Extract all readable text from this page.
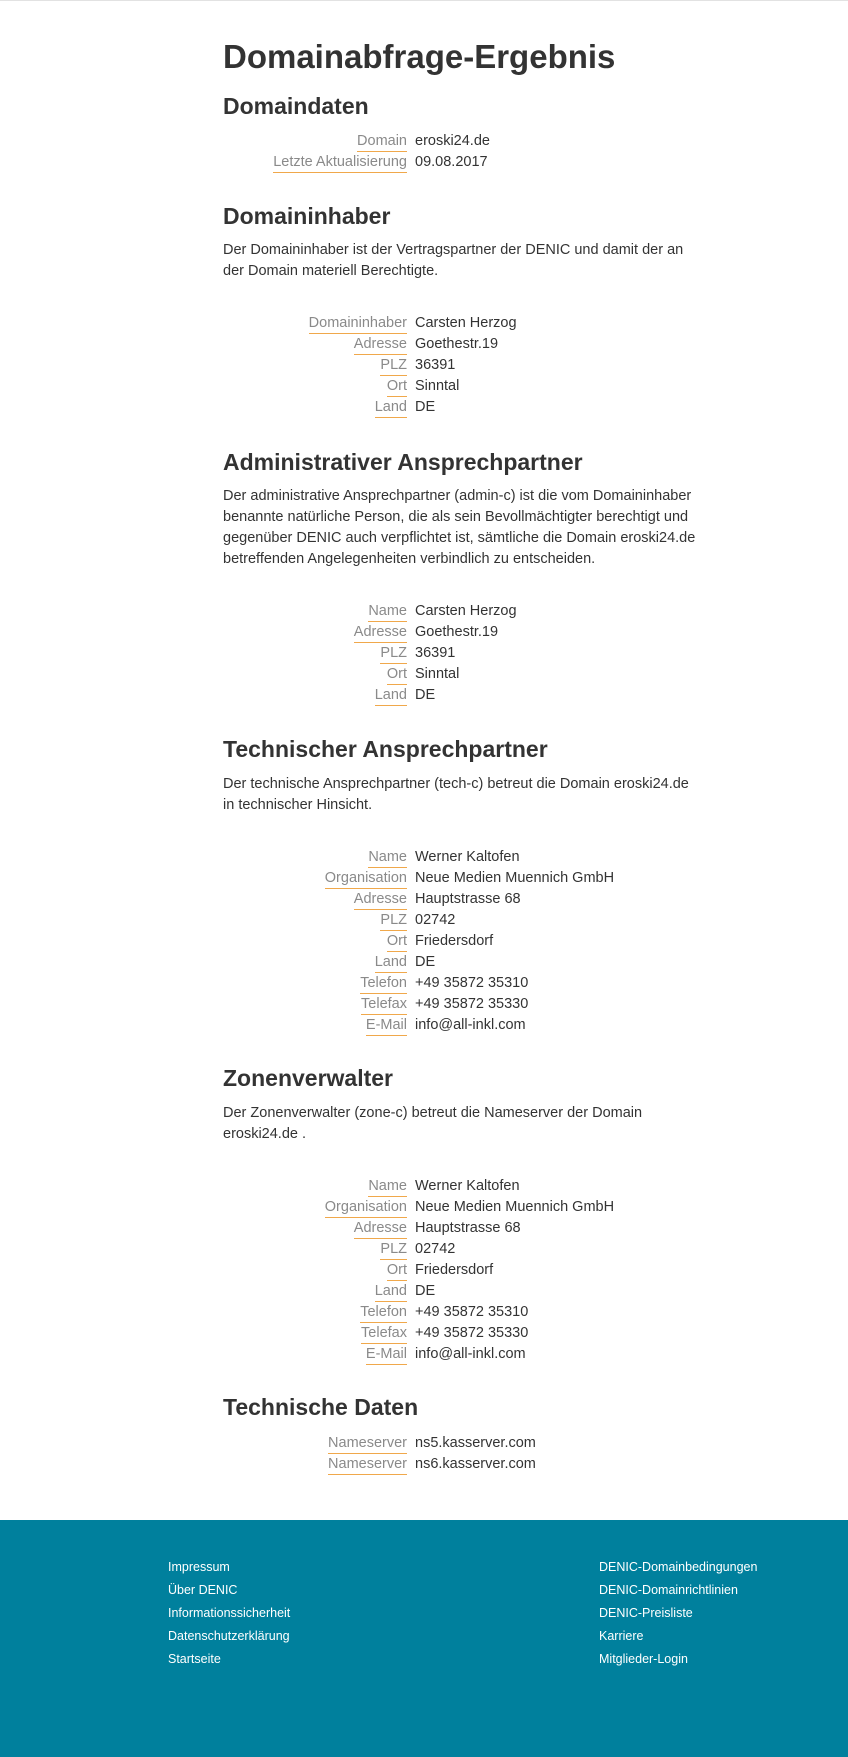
Domainabfrage-Ergebnis
Domaindaten
Domain eroski24.de
Letzte Aktualisierung 09.08.2017
Domaininhaber

Der Domaininhaber ist der Vertragspartner der DENIC und damit der an der Domain materiell Berechtigte.

Domaininhaber Carsten Herzog
Adresse Goethestr.19
PLZ 36391
Ort Sinntal
Land DE
Administrativer Ansprechpartner

Der administrative Ansprechpartner (admin-c) ist die vom Domaininhaber benannte natürliche Person, die als sein Bevollmächtigter berechtigt und gegenüber DENIC auch verpflichtet ist, sämtliche die Domain eroski24.de betreffenden Angelegenheiten verbindlich zu entscheiden.

Name Carsten Herzog
Adresse Goethestr.19
PLZ 36391
Ort Sinntal
Land DE
Technischer Ansprechpartner

Der technische Ansprechpartner (tech-c) betreut die Domain eroski24.de in technischer Hinsicht.

Name Werner Kaltofen
Organisation Neue Medien Muennich GmbH
Adresse Hauptstrasse 68
PLZ 02742
Ort Friedersdorf
Land DE
Telefon +49 35872 35310
Telefax +49 35872 35330
E-Mail info@all-inkl.com
Zonenverwalter

Der Zonenverwalter (zone-c) betreut die Nameserver der Domain eroski24.de .

Name Werner Kaltofen
Organisation Neue Medien Muennich GmbH
Adresse Hauptstrasse 68
PLZ 02742
Ort Friedersdorf
Land DE
Telefon +49 35872 35310
Telefax +49 35872 35330
E-Mail info@all-inkl.com
Technische Daten
Nameserver ns5.kasserver.com
Nameserver ns6.kasserver.com
Impressum
Über DENIC
Informationssicherheit
Datenschutzerklärung
Startseite
DENIC-Domainbedingungen
DENIC-Domainrichtlinien
DENIC-Preisliste
Karriere
Mitglieder-Login
